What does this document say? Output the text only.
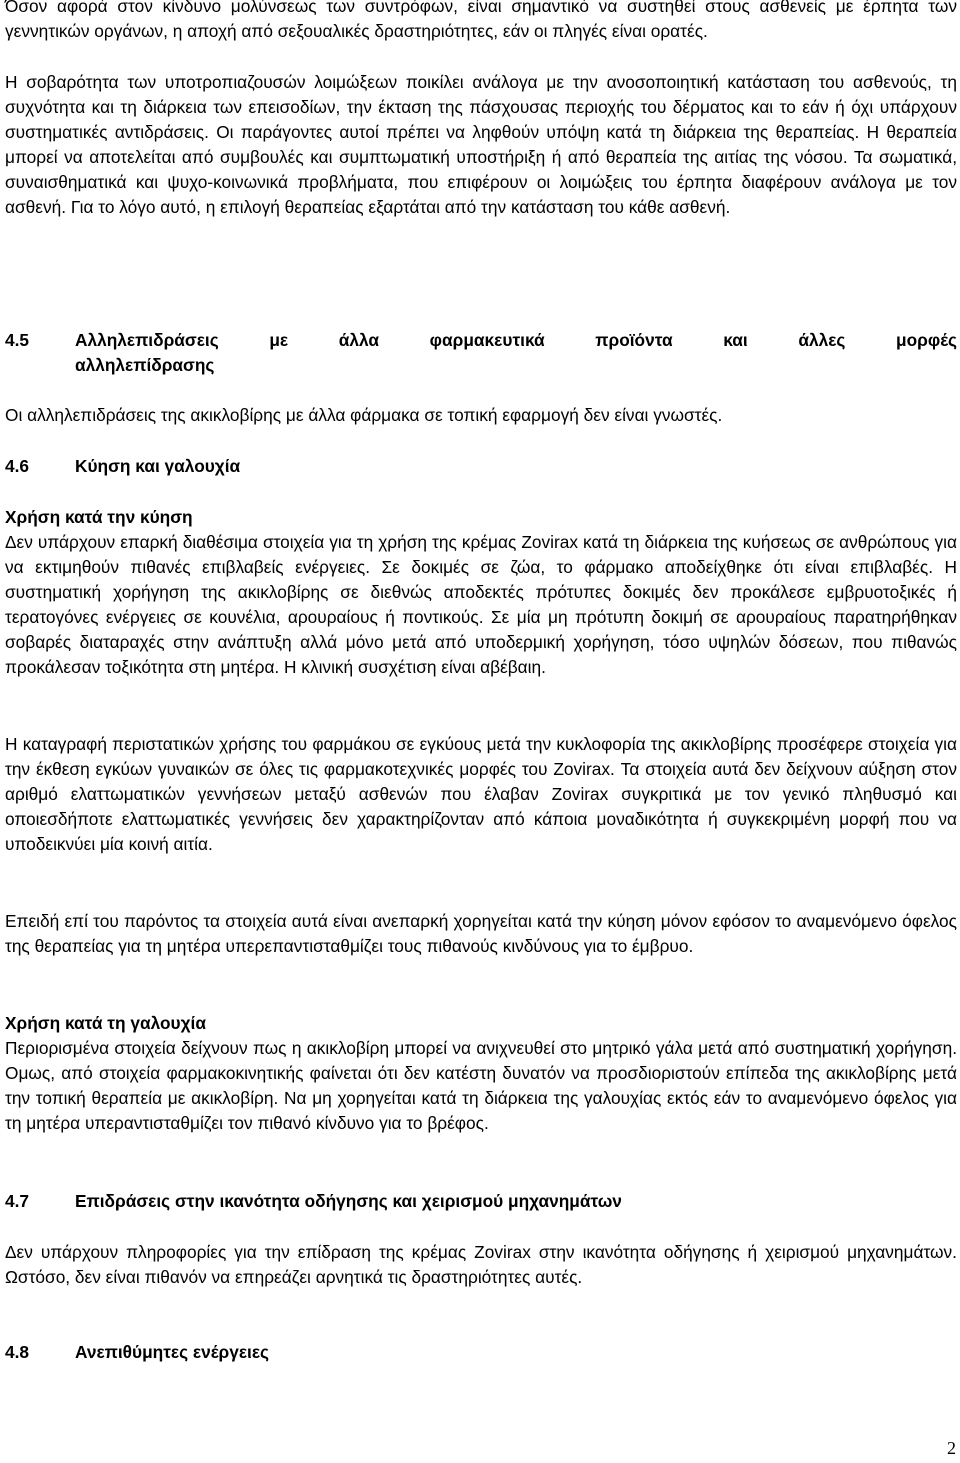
Όσον αφορά στον κίνδυνο μολύνσεως των συντρόφων, είναι σημαντικό να συστηθεί στους ασθενείς με έρπητα των γεννητικών οργάνων, η αποχή από σεξουαλικές δραστηριότητες, εάν οι πληγές είναι ορατές.

Η σοβαρότητα των υποτροπιαζουσών λοιμώξεων ποικίλει ανάλογα με την ανοσοποιητική κατάσταση του ασθενούς, τη συχνότητα και τη διάρκεια των επεισοδίων, την έκταση της πάσχουσας περιοχής του δέρματος και το εάν ή όχι υπάρχουν συστηματικές αντιδράσεις. Οι παράγοντες αυτοί πρέπει να ληφθούν υπόψη κατά τη διάρκεια της θεραπείας. Η θεραπεία μπορεί να αποτελείται από συμβουλές και συμπτωματική υποστήριξη ή από θεραπεία της αιτίας της νόσου. Τα σωματικά, συναισθηματικά και ψυχο-κοινωνικά προβλήματα, που επιφέρουν οι λοιμώξεις του έρπητα διαφέρουν ανάλογα με τον ασθενή. Για το λόγο αυτό, η επιλογή θεραπείας εξαρτάται από την κατάσταση του κάθε ασθενή.

4.5	Αλληλεπιδράσεις με άλλα φαρμακευτικά προϊόντα και άλλες μορφές
αλληλεπίδρασης

Οι αλληλεπιδράσεις της ακικλοβίρης με άλλα φάρμακα σε τοπική εφαρμογή δεν είναι γνωστές.

4.6	Κύηση και γαλουχία
Χρήση κατά την κύηση

Δεν υπάρχουν επαρκή διαθέσιμα στοιχεία για τη χρήση της κρέμας Zovirax κατά τη διάρκεια της κυήσεως σε ανθρώπους για να εκτιμηθούν πιθανές επιβλαβείς ενέργειες. Σε δοκιμές σε ζώα, το φάρμακο αποδείχθηκε ότι είναι επιβλαβές. Η συστηματική χορήγηση της ακικλοβίρης σε διεθνώς αποδεκτές πρότυπες δοκιμές δεν προκάλεσε εμβρυοτοξικές ή τερατογόνες ενέργειες σε κουνέλια, αρουραίους ή ποντικούς. Σε μία μη πρότυπη δοκιμή σε αρουραίους παρατηρήθηκαν σοβαρές διαταραχές στην ανάπτυξη αλλά μόνο μετά από υποδερμική χορήγηση, τόσο υψηλών δόσεων, που πιθανώς προκάλεσαν τοξικότητα στη μητέρα. Η κλινική συσχέτιση είναι αβέβαιη.

Η καταγραφή περιστατικών χρήσης του φαρμάκου σε εγκύους μετά την κυκλοφορία της ακικλοβίρης προσέφερε στοιχεία για την έκθεση εγκύων γυναικών σε όλες τις φαρμακοτεχνικές μορφές του Zovirax. Τα στοιχεία αυτά δεν δείχνουν αύξηση στον αριθμό ελαττωματικών γεννήσεων μεταξύ ασθενών που έλαβαν Zovirax συγκριτικά με τον γενικό πληθυσμό και οποιεσδήποτε ελαττωματικές γεννήσεις δεν χαρακτηρίζονταν από κάποια μοναδικότητα ή συγκεκριμένη μορφή που να υποδεικνύει μία κοινή αιτία.

Επειδή επί του παρόντος τα στοιχεία αυτά είναι ανεπαρκή χορηγείται κατά την κύηση μόνον εφόσον το αναμενόμενο όφελος της θεραπείας για τη μητέρα υπερεπαντισταθμίζει τους πιθανούς κινδύνους για το έμβρυο.

Χρήση κατά τη γαλουχία

Περιορισμένα στοιχεία δείχνουν πως η ακικλοβίρη μπορεί να ανιχνευθεί στο μητρικό γάλα μετά από συστηματική χορήγηση. Ομως, από στοιχεία φαρμακοκινητικής φαίνεται ότι δεν κατέστη δυνατόν να προσδιοριστούν επίπεδα της ακικλοβίρης μετά την τοπική θεραπεία με ακικλοβίρη. Να μη χορηγείται κατά τη διάρκεια της γαλουχίας εκτός εάν το αναμενόμενο όφελος για τη μητέρα υπεραντισταθμίζει τον πιθανό κίνδυνο για το βρέφος.

4.7	Επιδράσεις στην ικανότητα οδήγησης και χειρισμού μηχανημάτων

Δεν υπάρχουν πληροφορίες για την επίδραση της κρέμας Zovirax στην ικανότητα οδήγησης ή χειρισμού μηχανημάτων. Ωστόσο, δεν είναι πιθανόν να επηρεάζει αρνητικά τις δραστηριότητες αυτές.

4.8	Ανεπιθύμητες ενέργειες
2
